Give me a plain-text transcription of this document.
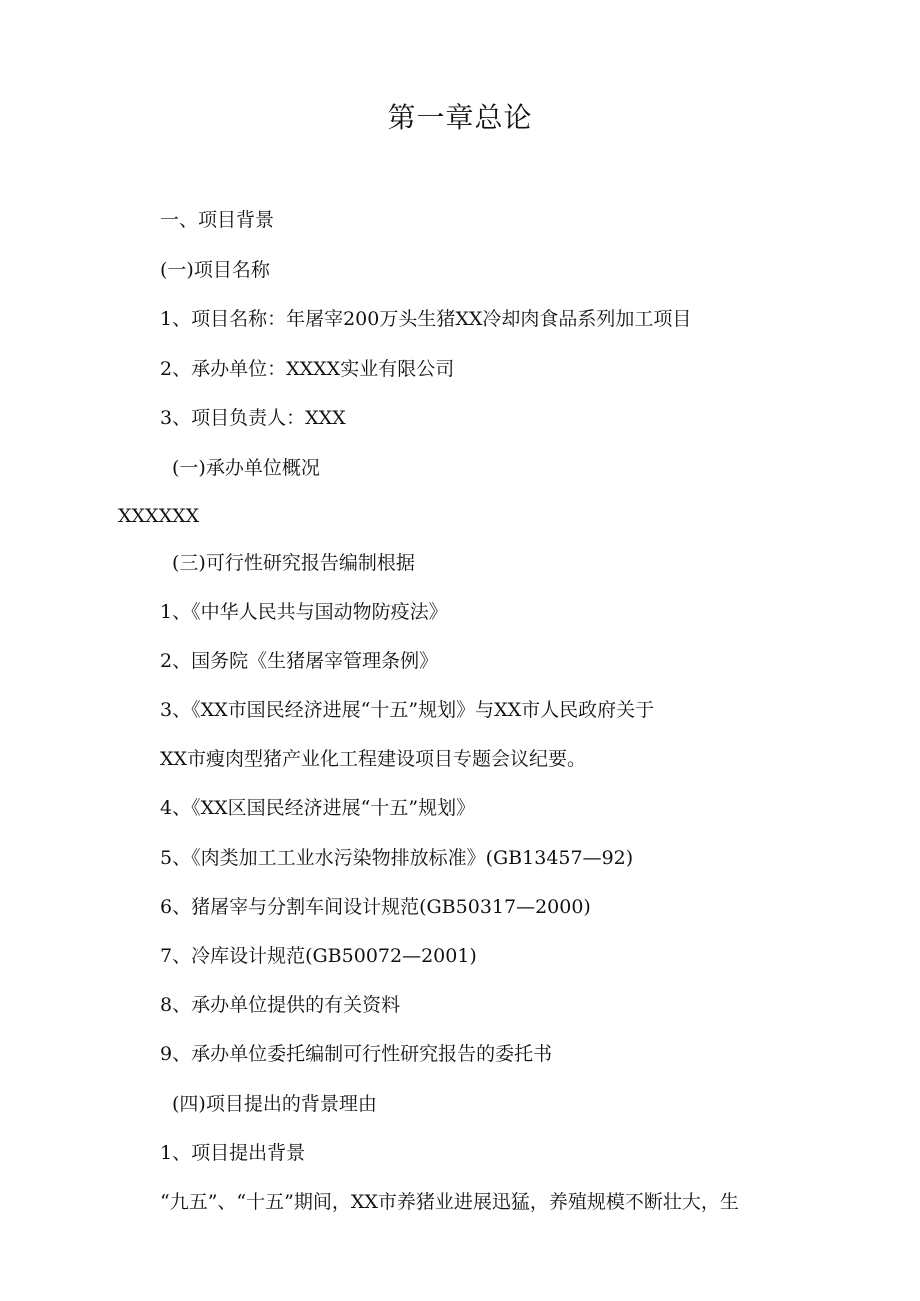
第一章总论
一、项目背景
(一)项目名称
1、项目名称：年屠宰200万头生猪XX冷却肉食品系列加工项目
2、承办单位：XXXX实业有限公司
3、项目负责人：XXX
(一)承办单位概况
XXXXXX
(三)可行性研究报告编制根据
1、《中华人民共与国动物防疫法》
2、国务院《生猪屠宰管理条例》
3、《XX市国民经济进展“十五”规划》与XX市人民政府关于
XX市瘦肉型猪产业化工程建设项目专题会议纪要。
4、《XX区国民经济进展“十五”规划》
5、《肉类加工工业水污染物排放标准》(GB13457—92)
6、猪屠宰与分割车间设计规范(GB50317—2000)
7、冷库设计规范(GB50072—2001)
8、承办单位提供的有关资料
9、承办单位委托编制可行性研究报告的委托书
(四)项目提出的背景理由
1、项目提出背景
“九五”、“十五”期间，XX市养猪业进展迅猛，养殖规模不断壮大，生
